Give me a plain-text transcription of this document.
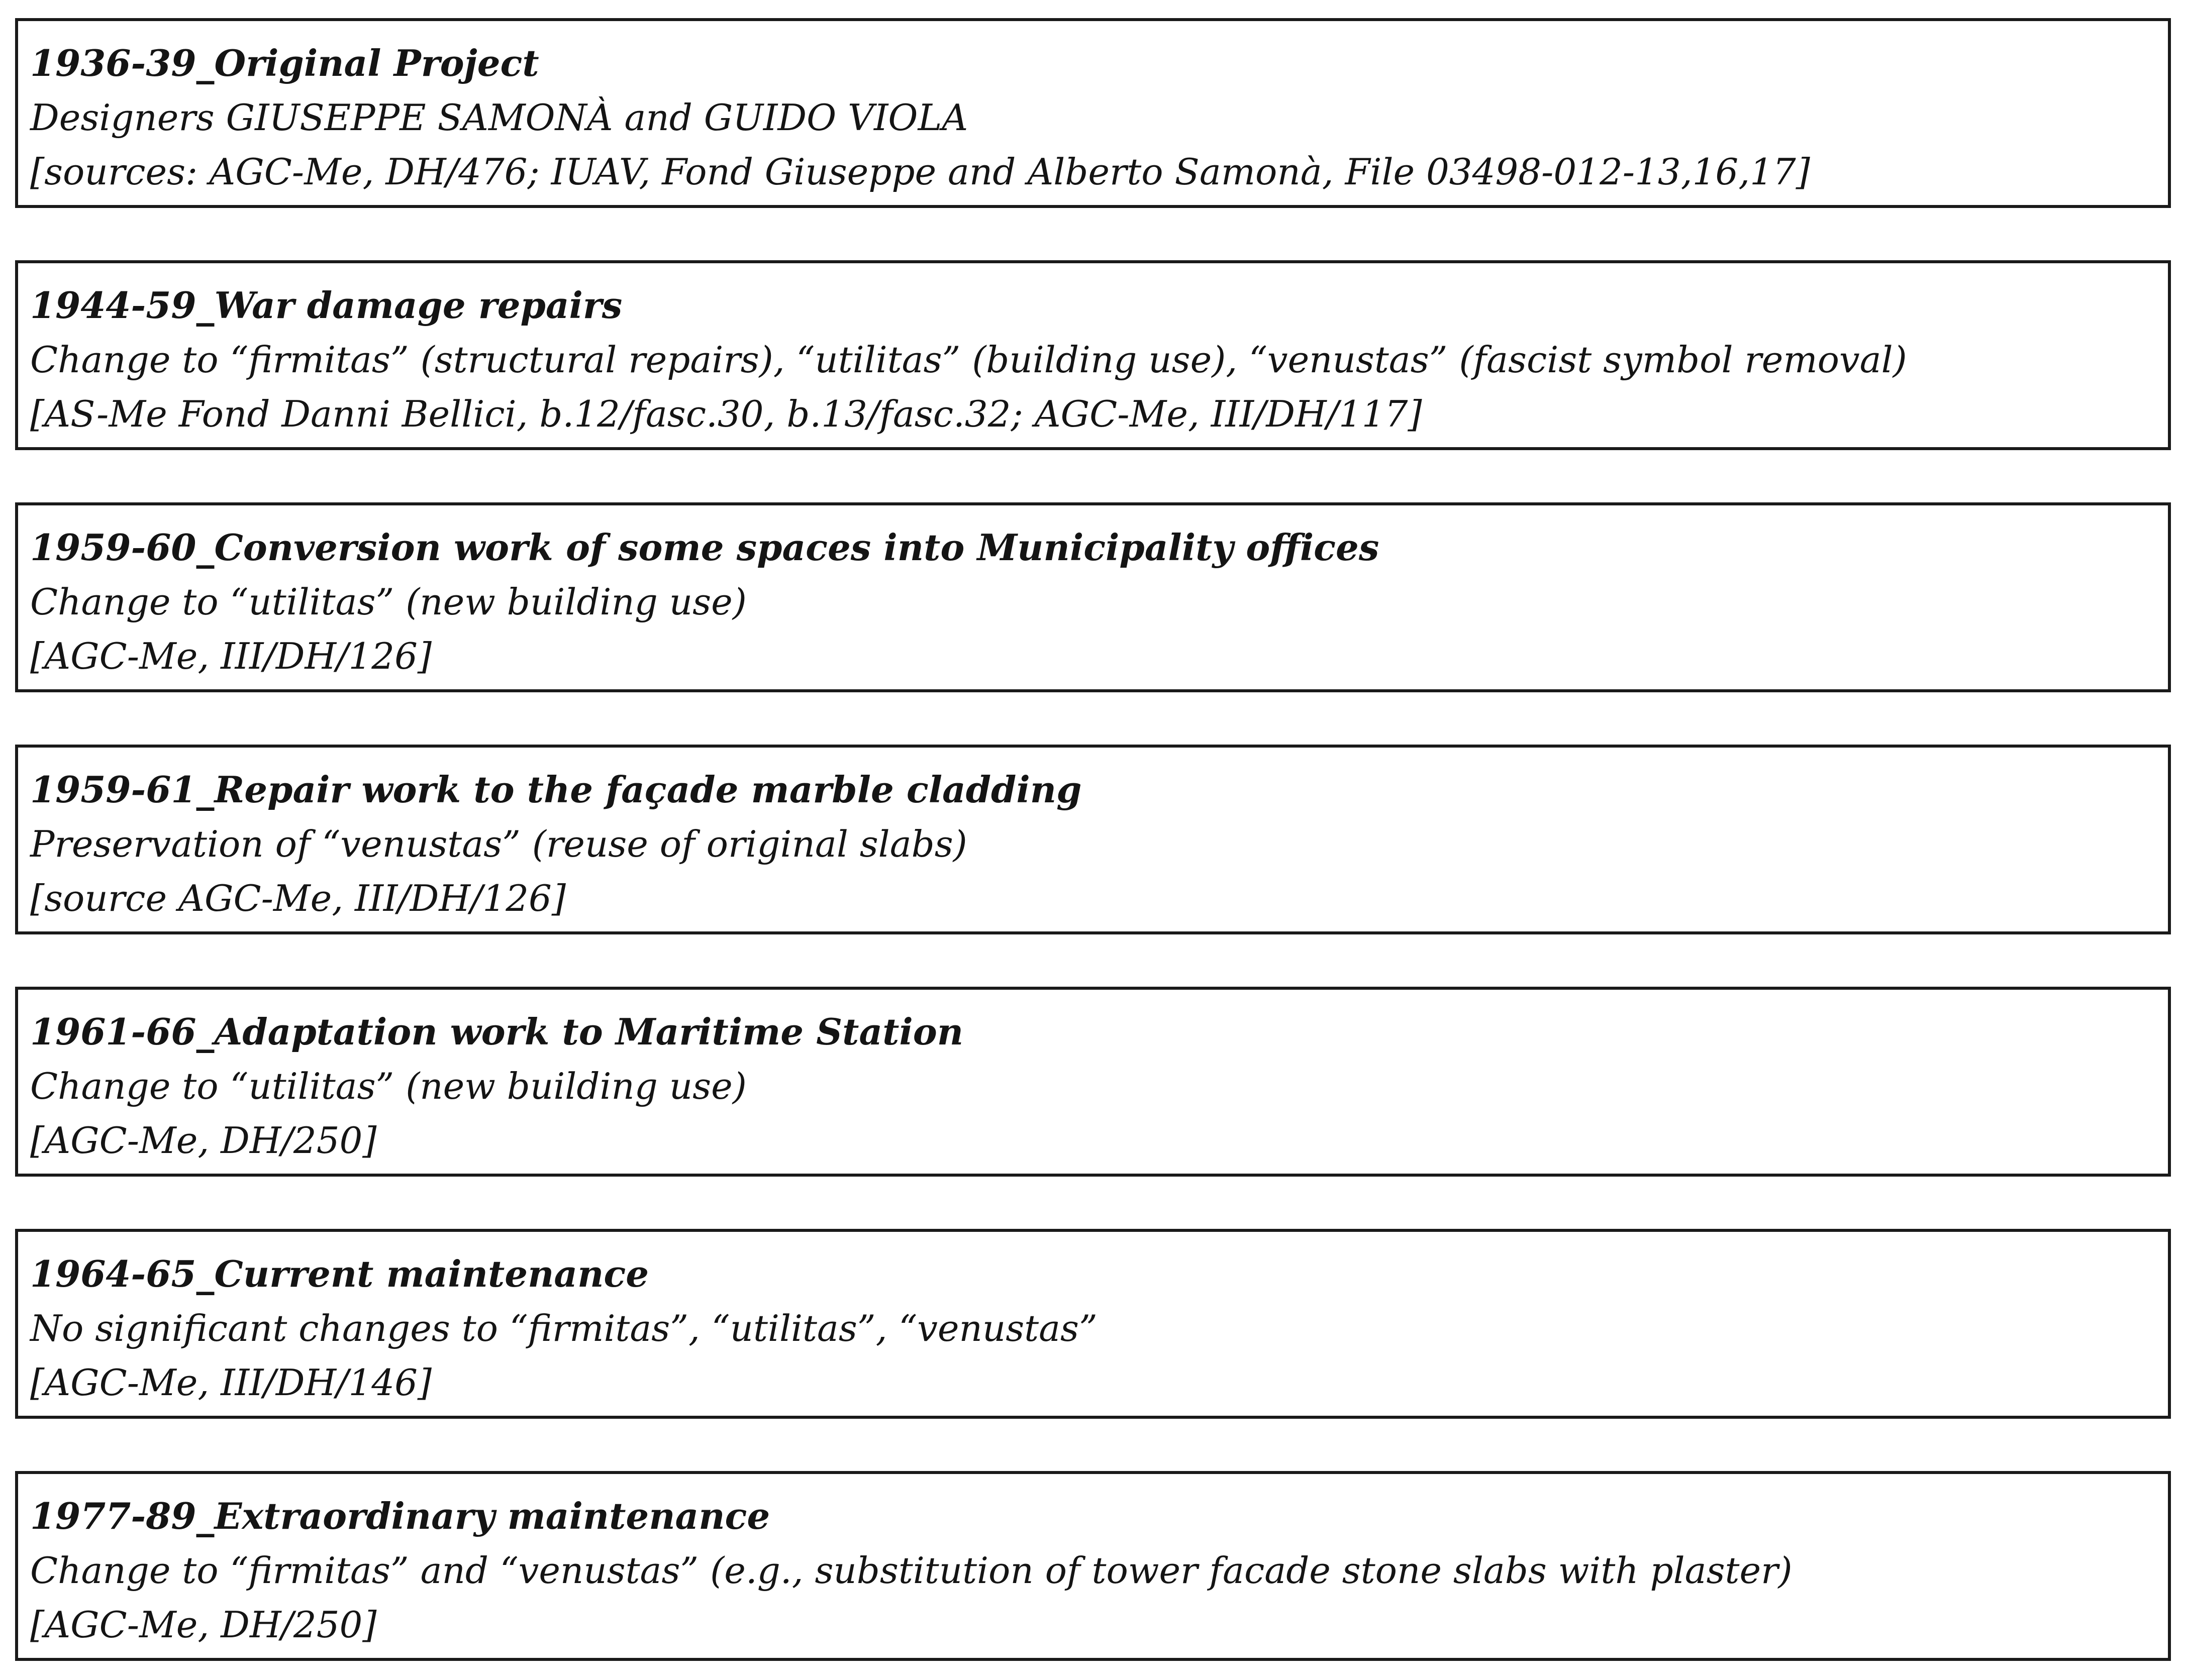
1936-39_Original Project
Designers GIUSEPPE SAMONÀ and GUIDO VIOLA
[sources: AGC-Me, DH/476; IUAV, Fond Giuseppe and Alberto Samonà, File 03498-012-13,16,17]
1944-59_War damage repairs
Change to “firmitas” (structural repairs), “utilitas” (building use), “venustas” (fascist symbol removal)
[AS-Me Fond Danni Bellici, b.12/fasc.30, b.13/fasc.32; AGC-Me, III/DH/117]
1959-60_Conversion work of some spaces into Municipality offices
Change to “utilitas” (new building use)
[AGC-Me, III/DH/126]
1959-61_Repair work to the façade marble cladding
Preservation of “venustas” (reuse of original slabs)
[source AGC-Me, III/DH/126]
1961-66_Adaptation work to Maritime Station
Change to “utilitas” (new building use)
[AGC-Me, DH/250]
1964-65_Current maintenance
No significant changes to “firmitas”, “utilitas”, “venustas”
[AGC-Me, III/DH/146]
1977-89_Extraordinary maintenance
Change to “firmitas” and “venustas” (e.g., substitution of tower facade stone slabs with plaster)
[AGC-Me, DH/250]
